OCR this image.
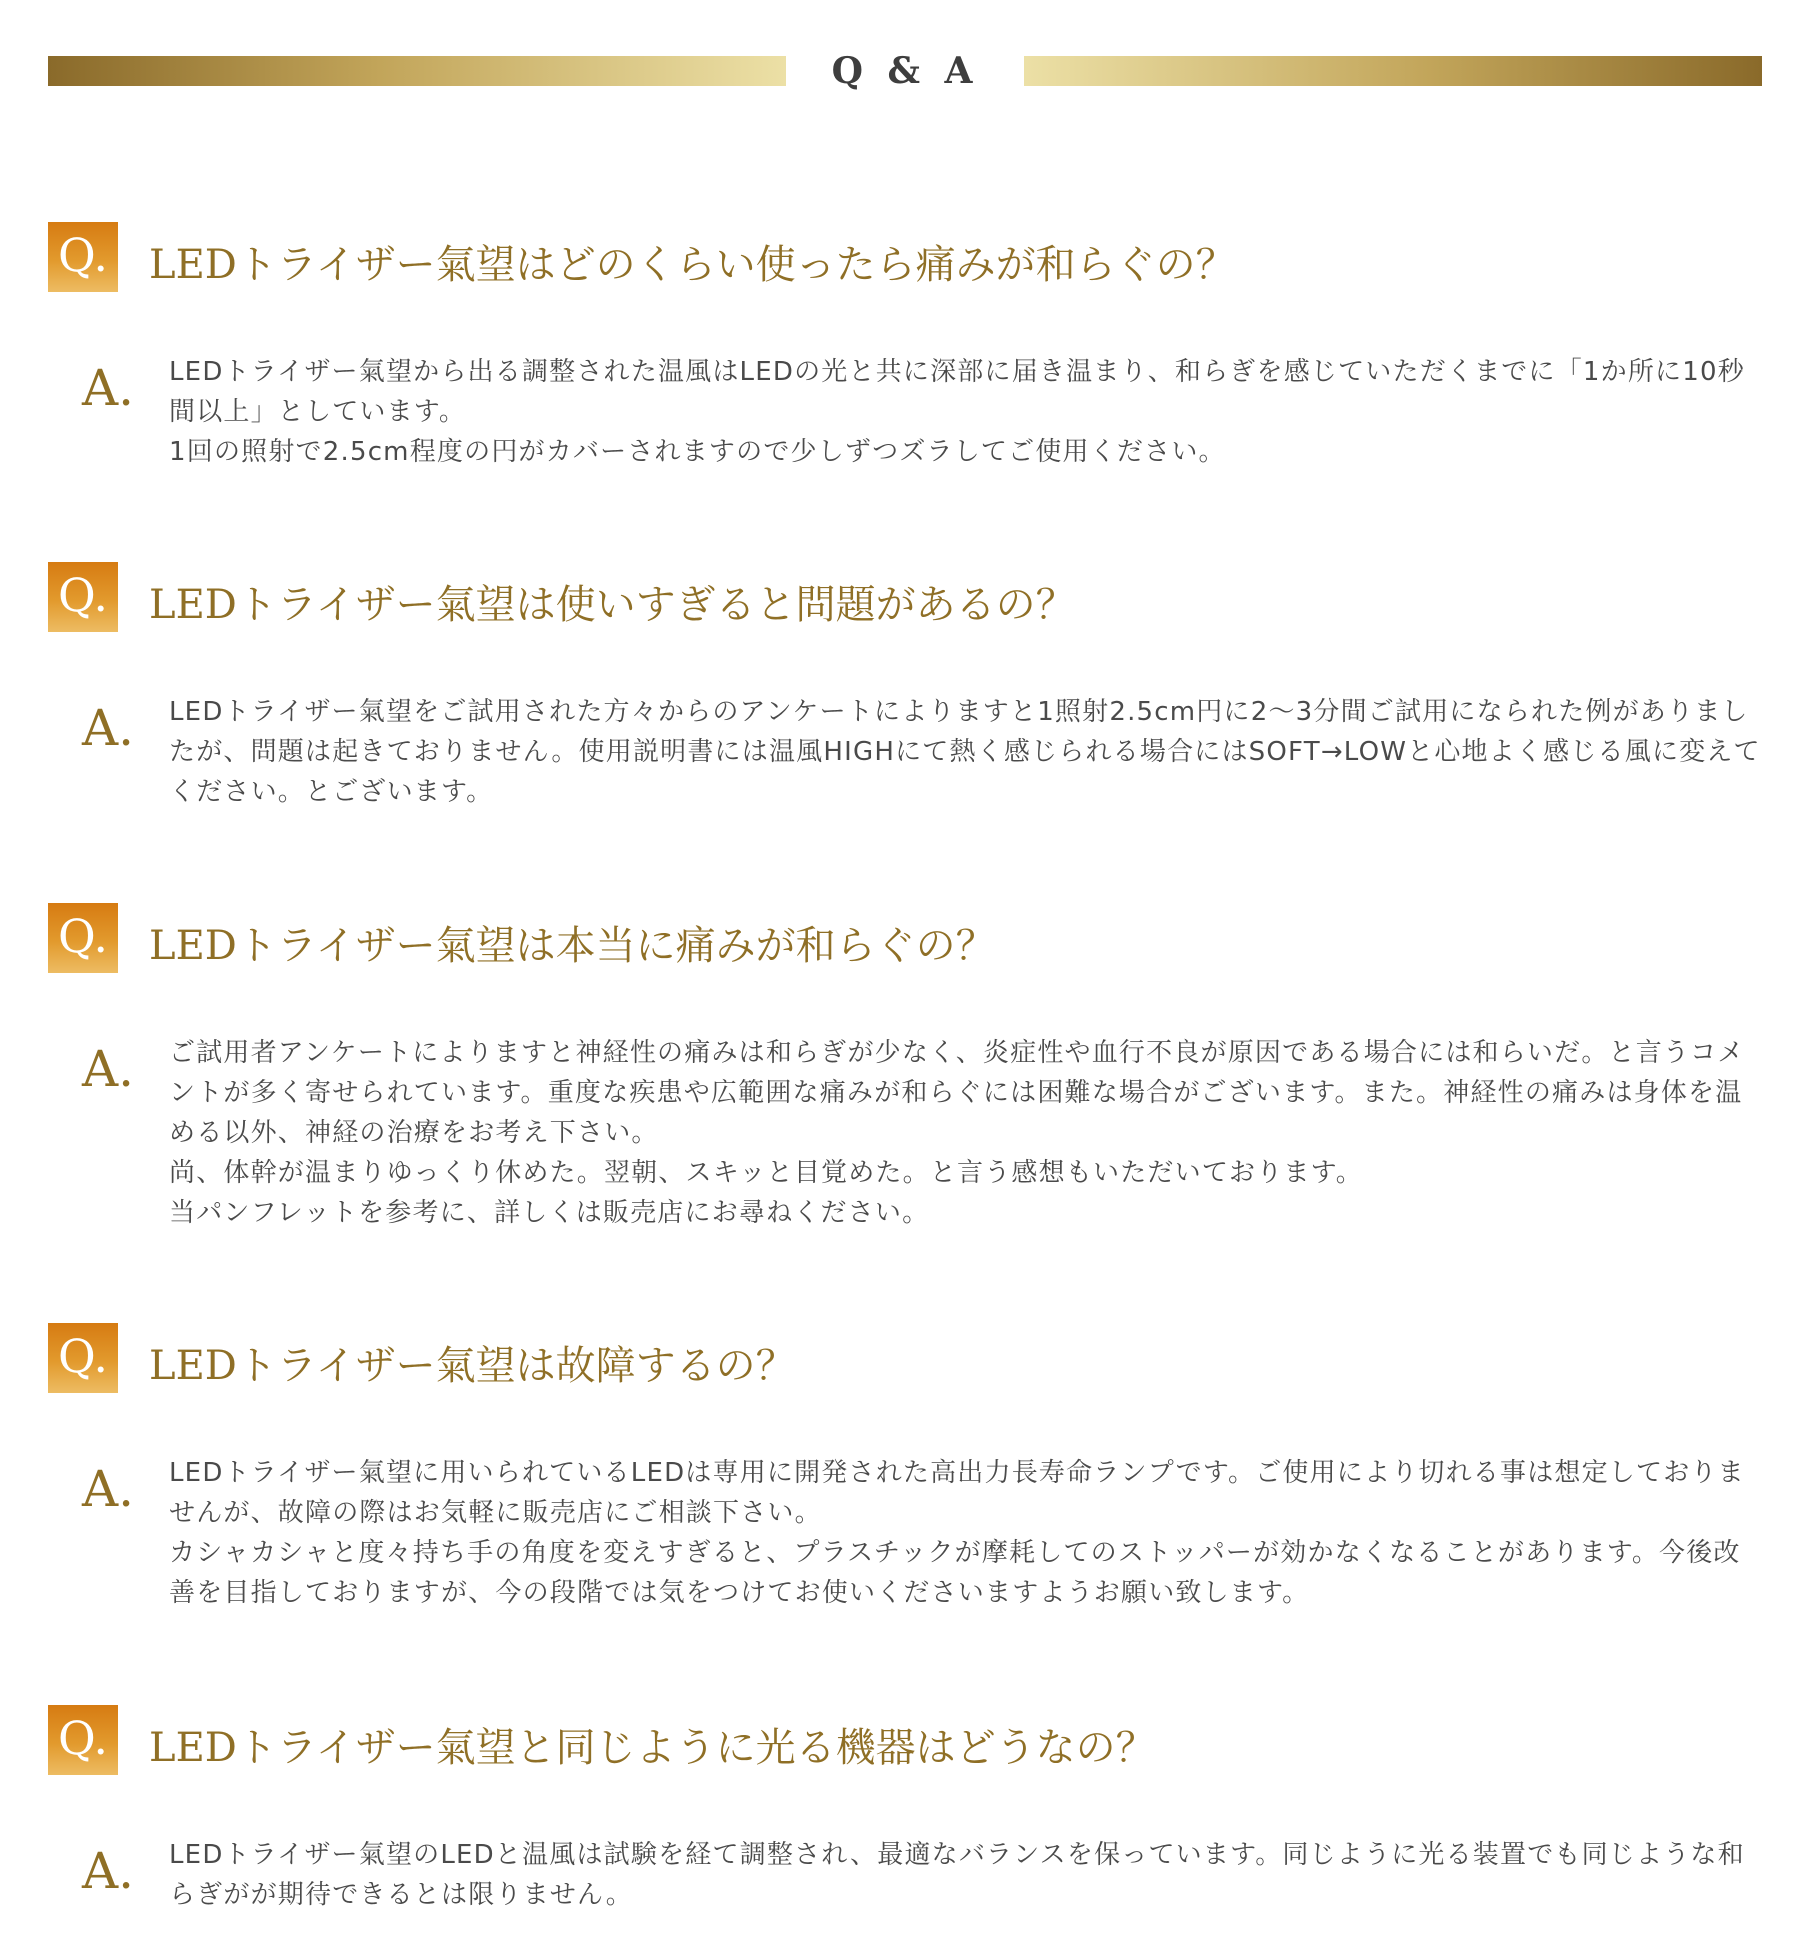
Q & A
Q. LEDトライザー氣望はどのくらい使ったら痛みが和らぐの？
A. LEDトライザー氣望から出る調整された温風はLEDの光と共に深部に届き温まり、和らぎを感じていただくまでに「1か所に10秒間以上」としています。
1回の照射で2.5cm程度の円がカバーされますので少しずつズラしてご使用ください。
Q. LEDトライザー氣望は使いすぎると問題があるの？
A. LEDトライザー氣望をご試用された方々からのアンケートによりますと1照射2.5cm円に2〜3分間ご試用になられた例がありましたが、問題は起きておりません。使用説明書には温風HIGHにて熱く感じられる場合にはSOFT→LOWと心地よく感じる風に変えてください。とございます。
Q. LEDトライザー氣望は本当に痛みが和らぐの？
A. ご試用者アンケートによりますと神経性の痛みは和らぎが少なく、炎症性や血行不良が原因である場合には和らいだ。と言うコメントが多く寄せられています。重度な疾患や広範囲な痛みが和らぐには困難な場合がございます。また。神経性の痛みは身体を温める以外、神経の治療をお考え下さい。
尚、体幹が温まりゆっくり休めた。翌朝、スキッと目覚めた。と言う感想もいただいております。
当パンフレットを参考に、詳しくは販売店にお尋ねください。
Q. LEDトライザー氣望は故障するの？
A. LEDトライザー氣望に用いられているLEDは専用に開発された高出力長寿命ランプです。ご使用により切れる事は想定しておりませんが、故障の際はお気軽に販売店にご相談下さい。
カシャカシャと度々持ち手の角度を変えすぎると、プラスチックが摩耗してのストッパーが効かなくなることがあります。今後改善を目指しておりますが、今の段階では気をつけてお使いくださいますようお願い致します。
Q. LEDトライザー氣望と同じように光る機器はどうなの？
A. LEDトライザー氣望のLEDと温風は試験を経て調整され、最適なバランスを保っています。同じように光る装置でも同じような和らぎがが期待できるとは限りません。
